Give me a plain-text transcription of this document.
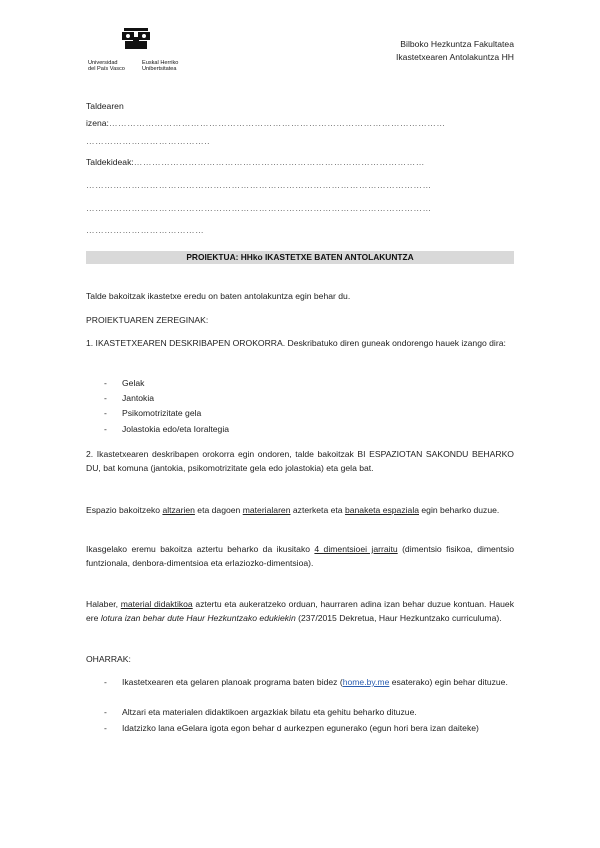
Universidad
del País Vasco
Euskal Herriko
Unibertsitatea
Bilboko Hezkuntza Fakultatea
Ikastetxearen Antolakuntza HH
Taldearen
izena:…………………………………………………………………………………………………
…………………………………..
Taldekideak:……………………………………………………………………………………
……………………………………………………………………………………………………
……………………………………………………………………………………………………
…………………………………
PROIEKTUA: HHko IKASTETXE BATEN ANTOLAKUNTZA
Talde bakoitzak ikastetxe eredu on baten antolakuntza egin behar du.
PROIEKTUAREN ZEREGINAK:
1. IKASTETXEAREN DESKRIBAPEN OROKORRA. Deskribatuko diren guneak ondorengo hauek izango dira:
- Gelak
- Jantokia
- Psikomotrizitate gela
- Jolastokia edo/eta Ioraltegia
2. Ikastetxearen deskribapen orokorra egin ondoren, talde bakoitzak BI ESPAZIOTAN SAKONDU BEHARKO DU, bat komuna (jantokia, psikomotrizitate gela edo jolastokia) eta gela bat.
Espazio bakoitzeko altzarien eta dagoen materialaren azterketa eta banaketa espaziala egin beharko duzue.
Ikasgelako eremu bakoitza aztertu beharko da ikusitako 4 dimentsioei jarraitu (dimentsio fisikoa, dimentsio funtzionala, denbora-dimentsioa eta erlaziozko-dimentsioa).
Halaber, material didaktikoa aztertu eta aukeratzeko orduan, haurraren adina izan behar duzue kontuan. Hauek ere lotura izan behar dute Haur Hezkuntzako edukiekin (237/2015 Dekretua, Haur Hezkuntzako curriculuma).
OHARRAK:
- Ikastetxearen eta gelaren planoak programa baten bidez (home.by.me esaterako) egin behar dituzue.
- Altzari eta materialen didaktikoen argazkiak bilatu eta gehitu beharko dituzue.
- Idatzizko lana eGelara igota egon behar d aurkezpen egunerako (egun hori bera izan daiteke)
